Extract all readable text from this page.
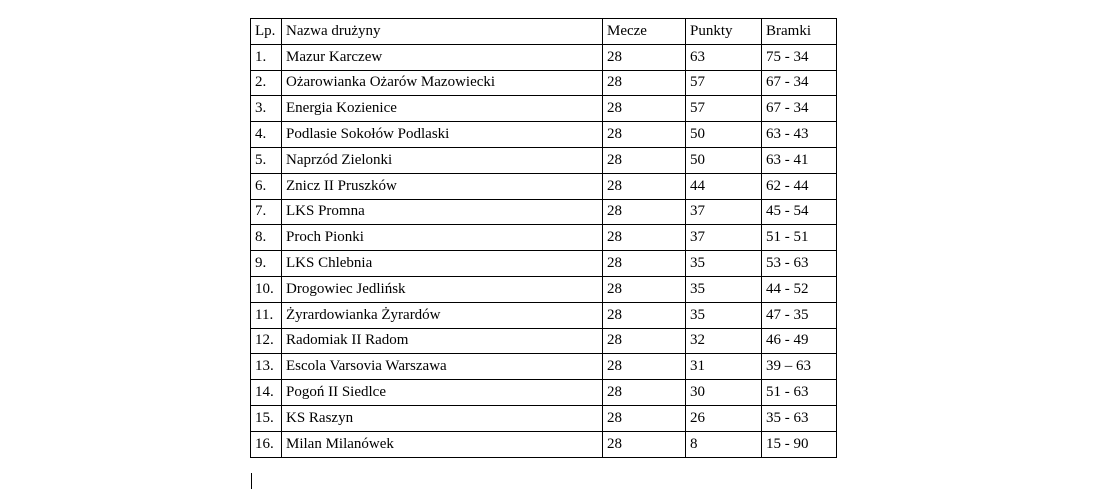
Lp.	Nazwa drużyny	Mecze	Punkty	Bramki
1.	Mazur Karczew	28	63	75 - 34
2.	Ożarowianka Ożarów Mazowiecki	28	57	67 - 34
3.	Energia Kozienice	28	57	67 - 34
4.	Podlasie Sokołów Podlaski	28	50	63 - 43
5.	Naprzód Zielonki	28	50	63 - 41
6.	Znicz II Pruszków	28	44	62 - 44
7.	LKS Promna	28	37	45 - 54
8.	Proch Pionki	28	37	51 - 51
9.	LKS Chlebnia	28	35	53 - 63
10.	Drogowiec Jedlińsk	28	35	44 - 52
11.	Żyrardowianka Żyrardów	28	35	47 - 35
12.	Radomiak II Radom	28	32	46 - 49
13.	Escola Varsovia Warszawa	28	31	39 – 63
14.	Pogoń II Siedlce	28	30	51 - 63
15.	KS Raszyn	28	26	35 - 63
16.	Milan Milanówek	28	8	15 - 90
